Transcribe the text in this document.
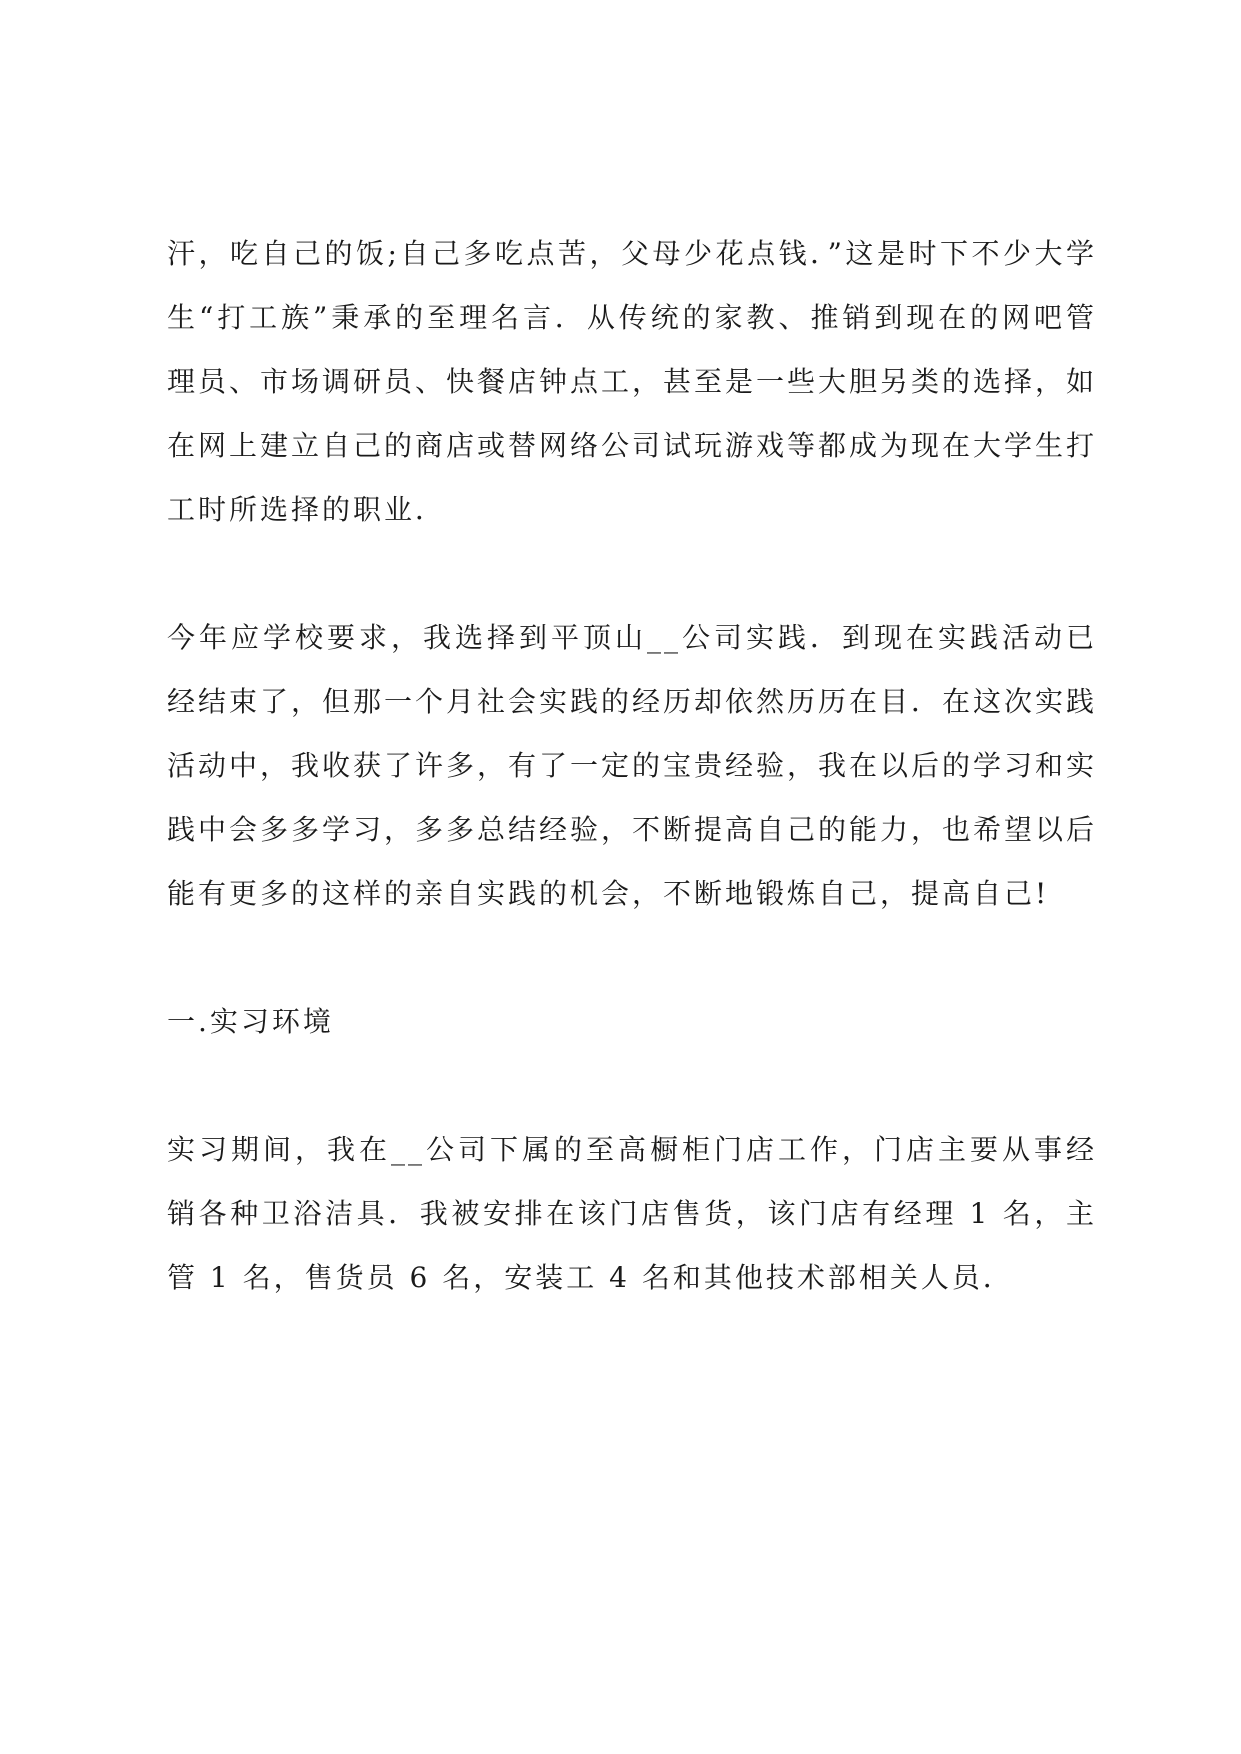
汗，吃自己的饭;自己多吃点苦，父母少花点钱．”这是时下不少大学生“打工族”秉承的至理名言．从传统的家教、推销到现在的网吧管理员、市场调研员、快餐店钟点工，甚至是一些大胆另类的选择，如在网上建立自己的商店或替网络公司试玩游戏等都成为现在大学生打工时所选择的职业．

今年应学校要求，我选择到平顶山__公司实践．到现在实践活动已经结束了，但那一个月社会实践的经历却依然历历在目．在这次实践活动中，我收获了许多，有了一定的宝贵经验，我在以后的学习和实践中会多多学习，多多总结经验，不断提高自己的能力，也希望以后能有更多的这样的亲自实践的机会，不断地锻炼自己，提高自己!

一.实习环境

实习期间，我在__公司下属的至高橱柜门店工作，门店主要从事经销各种卫浴洁具．我被安排在该门店售货，该门店有经理 1 名，主管 1 名，售货员 6 名，安装工 4 名和其他技术部相关人员．
